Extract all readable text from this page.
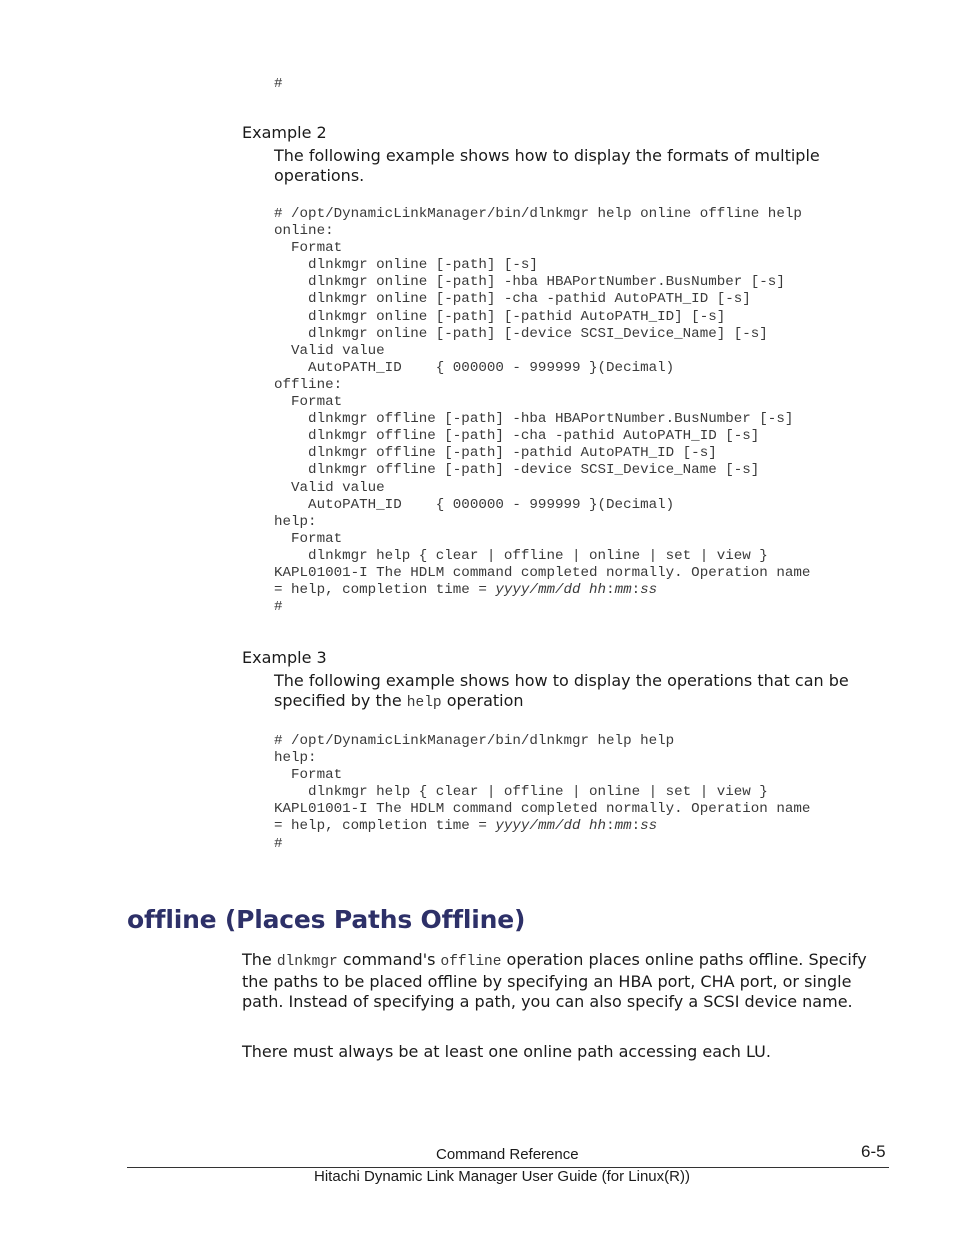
#
Example 2
The following example shows how to display the formats of multiple operations.
# /opt/DynamicLinkManager/bin/dlnkmgr help online offline help
online:
Format
dlnkmgr online [-path] [-s]
dlnkmgr online [-path] -hba HBAPortNumber.BusNumber [-s]
dlnkmgr online [-path] -cha -pathid AutoPATH_ID [-s]
dlnkmgr online [-path] [-pathid AutoPATH_ID] [-s]
dlnkmgr online [-path] [-device SCSI_Device_Name] [-s]
Valid value
AutoPATH_ID    { 000000 - 999999 }(Decimal)
offline:
Format
dlnkmgr offline [-path] -hba HBAPortNumber.BusNumber [-s]
dlnkmgr offline [-path] -cha -pathid AutoPATH_ID [-s]
dlnkmgr offline [-path] -pathid AutoPATH_ID [-s]
dlnkmgr offline [-path] -device SCSI_Device_Name [-s]
Valid value
AutoPATH_ID    { 000000 - 999999 }(Decimal)
help:
Format
dlnkmgr help { clear | offline | online | set | view }
KAPL01001-I The HDLM command completed normally. Operation name
= help, completion time = yyyy/mm/dd hh:mm:ss
#
Example 3
The following example shows how to display the operations that can be specified by the help operation
# /opt/DynamicLinkManager/bin/dlnkmgr help help
help:
Format
dlnkmgr help { clear | offline | online | set | view }
KAPL01001-I The HDLM command completed normally. Operation name
= help, completion time = yyyy/mm/dd hh:mm:ss
#
offline (Places Paths Offline)
The dlnkmgr command's offline operation places online paths offline. Specify the paths to be placed offline by specifying an HBA port, CHA port, or single path. Instead of specifying a path, you can also specify a SCSI device name.
There must always be at least one online path accessing each LU.
Command Reference	6-5
Hitachi Dynamic Link Manager User Guide (for Linux(R))
